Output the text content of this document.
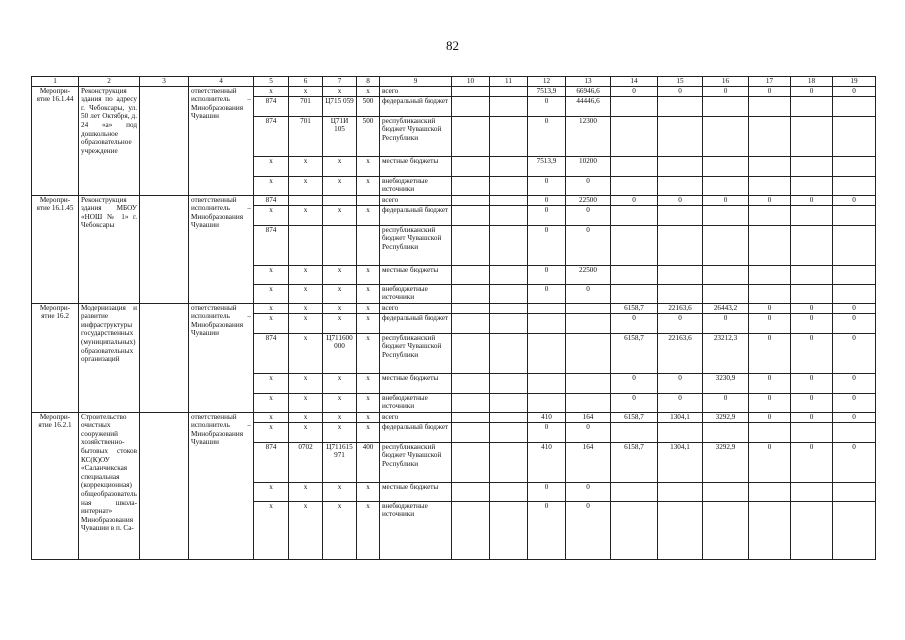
82
1	2	3	4	5	6	7	8	9	10	11	12	13	14	15	16	17	18	19
Меропри-ятие 16.1.44	Реконструкция здания по адресу г. Чебоксары, ул. 50 лет Октября, д. 24 «а» под дошкольное образовательное учреждение		ответственный исполнитель – Минобразования Чувашии	х	х	х	х	всего			7513,9	66946,6	0	0	0	0	0	0
				874	701	Ц715 059	500	федеральный бюджет			0	44446,6						
				874	701	Ц71И 105	500	республиканский бюджет Чувашской Республики			0	12300						
				х	х	х	х	местные бюджеты			7513,9	10200						
				х	х	х	х	внебюджетные источники			0	0						
Меропри-ятие 16.1.45	Реконструкция здания МБОУ «НОШ № 1» г. Чебоксары		ответственный исполнитель – Минобразования Чувашии	874				всего			0	22500	0	0	0	0	0	0
				х	х	х	х	федеральный бюджет			0	0						
				874				республиканский бюджет Чувашской Республики			0	0						
				х	х	х	х	местные бюджеты			0	22500						
				х	х	х	х	внебюджетные источники			0	0						
Меропри-ятие 16.2	Модернизация и развитие инфраструктуры государственных (муниципальных) образовательных организаций		ответственный исполнитель – Минобразования Чувашии	х	х	х	х	всего					6158,7	22163,6	26443,2	0	0	0
				х	х	х	х	федеральный бюджет					0	0	0	0	0	0
				874	х	Ц711600 000	х	республиканский бюджет Чувашской Республики					6158,7	22163,6	23212,3	0	0	0
				х	х	х	х	местные бюджеты					0	0	3230,9	0	0	0
				х	х	х	х	внебюджетные источники					0	0	0	0	0	0
Меропри-ятие 16.2.1	Строительство очистных сооружений хозяйственно-бытовых стоков КС(К)ОУ «Саланчикская специальная (коррекционная) общеобразовательная школа-интернат» Минобразования Чувашии в п. Са-		ответственный исполнитель – Минобразования Чувашии	х	х	х	х	всего			410	164	6158,7	1304,1	3292,9	0	0	0
				х	х	х	х	федеральный бюджет			0	0						
				874	0702	Ц711615 971	400	республиканский бюджет Чувашской Республики			410	164	6158,7	1304,1	3292,9	0	0	0
				х	х	х	х	местные бюджеты			0	0						
				х	х	х	х	внебюджетные источники			0	0						
